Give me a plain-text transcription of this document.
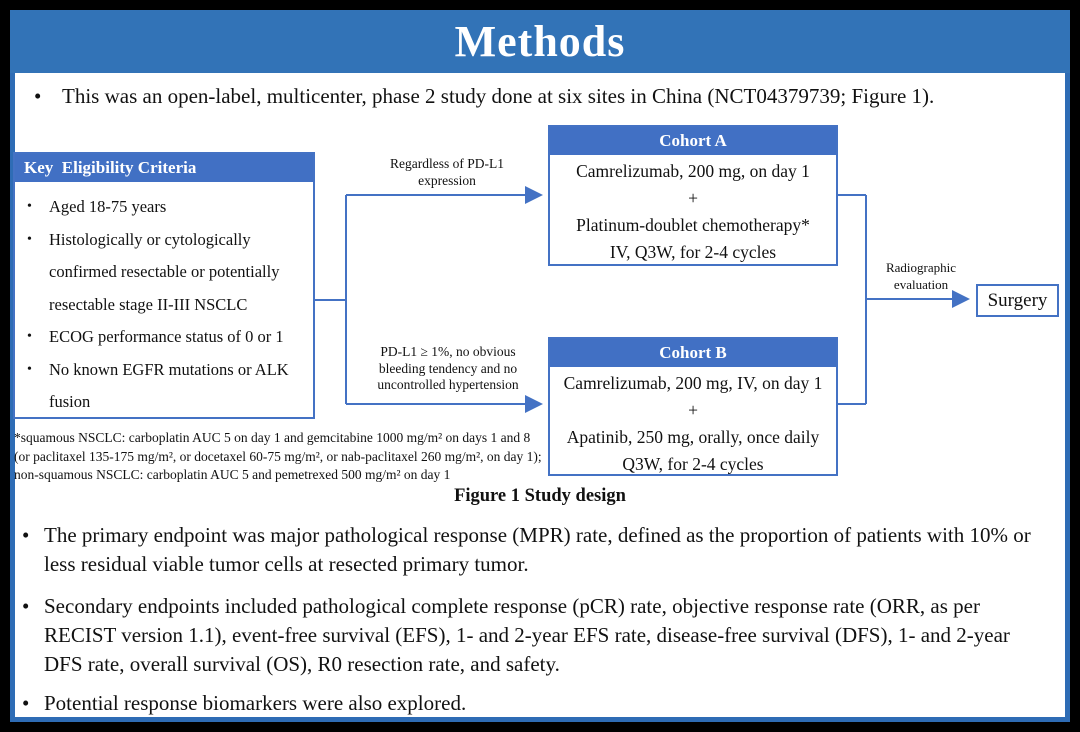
Methods
• This was an open-label, multicenter, phase 2 study done at six sites in China (NCT04379739; Figure 1).
Key  Eligibility Criteria
• Aged 18-75 years
• Histologically or cytologically confirmed resectable or potentially resectable stage II-III NSCLC
• ECOG performance status of 0 or 1
• No known EGFR mutations or ALK fusion
Regardless of PD-L1
expression
PD-L1 ≥ 1%, no obvious
bleeding tendency and no
uncontrolled hypertension
Cohort A
Camrelizumab, 200 mg, on day 1
+
Platinum-doublet chemotherapy*
IV, Q3W, for 2-4 cycles
Cohort B
Camrelizumab, 200 mg, IV, on day 1
+
Apatinib, 250 mg, orally, once daily
Q3W, for 2-4 cycles
Radiographic
evaluation
Surgery
*squamous NSCLC: carboplatin AUC 5 on day 1 and gemcitabine 1000 mg/m² on days 1 and 8 (or paclitaxel 135-175 mg/m², or docetaxel 60-75 mg/m², or nab-paclitaxel 260 mg/m², on day 1); non-squamous NSCLC: carboplatin AUC 5 and pemetrexed 500 mg/m² on day 1
Figure 1 Study design
• The primary endpoint was major pathological response (MPR) rate, defined as the proportion of patients with 10% or less residual viable tumor cells at resected primary tumor.
• Secondary endpoints included pathological complete response (pCR) rate, objective response rate (ORR, as per RECIST version 1.1), event-free survival (EFS), 1- and 2-year EFS rate, disease-free survival (DFS), 1- and 2-year DFS rate, overall survival (OS), R0 resection rate, and safety.
• Potential response biomarkers were also explored.
